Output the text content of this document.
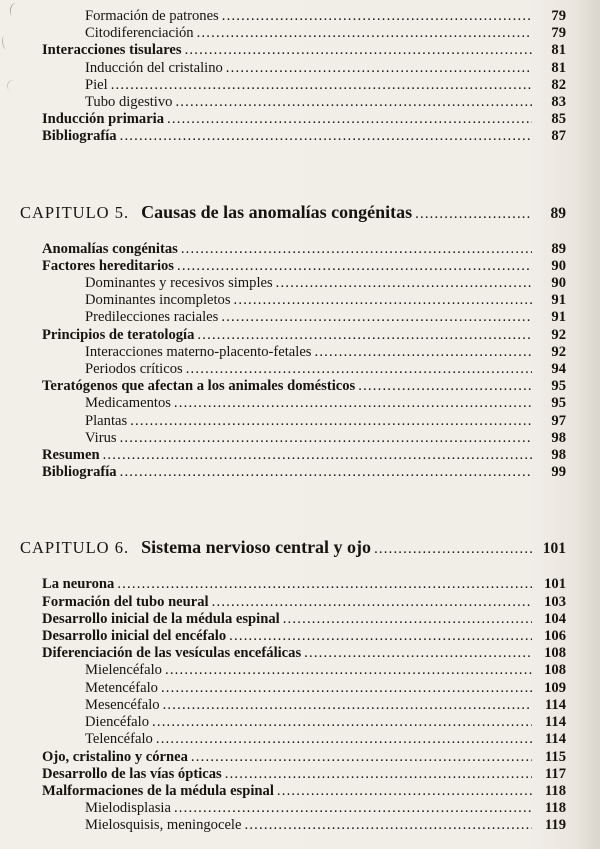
Formación de patrones .....	79
Citodiferenciación .....	79
Interacciones tisulares .....	81
Inducción del cristalino .....	81
Piel .....	82
Tubo digestivo .....	83
Inducción primaria .....	85
Bibliografía .....	87
CAPITULO 5. Causas de las anomalías congénitas .....	89
Anomalías congénitas .....	89
Factores hereditarios .....	90
Dominantes y recesivos simples .....	90
Dominantes incompletos .....	91
Predilecciones raciales .....	91
Principios de teratología .....	92
Interacciones materno-placento-fetales .....	92
Periodos críticos .....	94
Teratógenos que afectan a los animales domésticos .....	95
Medicamentos .....	95
Plantas .....	97
Virus .....	98
Resumen .....	98
Bibliografía .....	99
CAPITULO 6. Sistema nervioso central y ojo .....	101
La neurona .....	101
Formación del tubo neural .....	103
Desarrollo inicial de la médula espinal .....	104
Desarrollo inicial del encéfalo .....	106
Diferenciación de las vesículas encefálicas .....	108
Mielencéfalo .....	108
Metencéfalo .....	109
Mesencéfalo .....	114
Diencéfalo .....	114
Telencéfalo .....	114
Ojo, cristalino y córnea .....	115
Desarrollo de las vías ópticas .....	117
Malformaciones de la médula espinal .....	118
Mielodisplasia .....	118
Mielosquisis, meningocele .....	119
